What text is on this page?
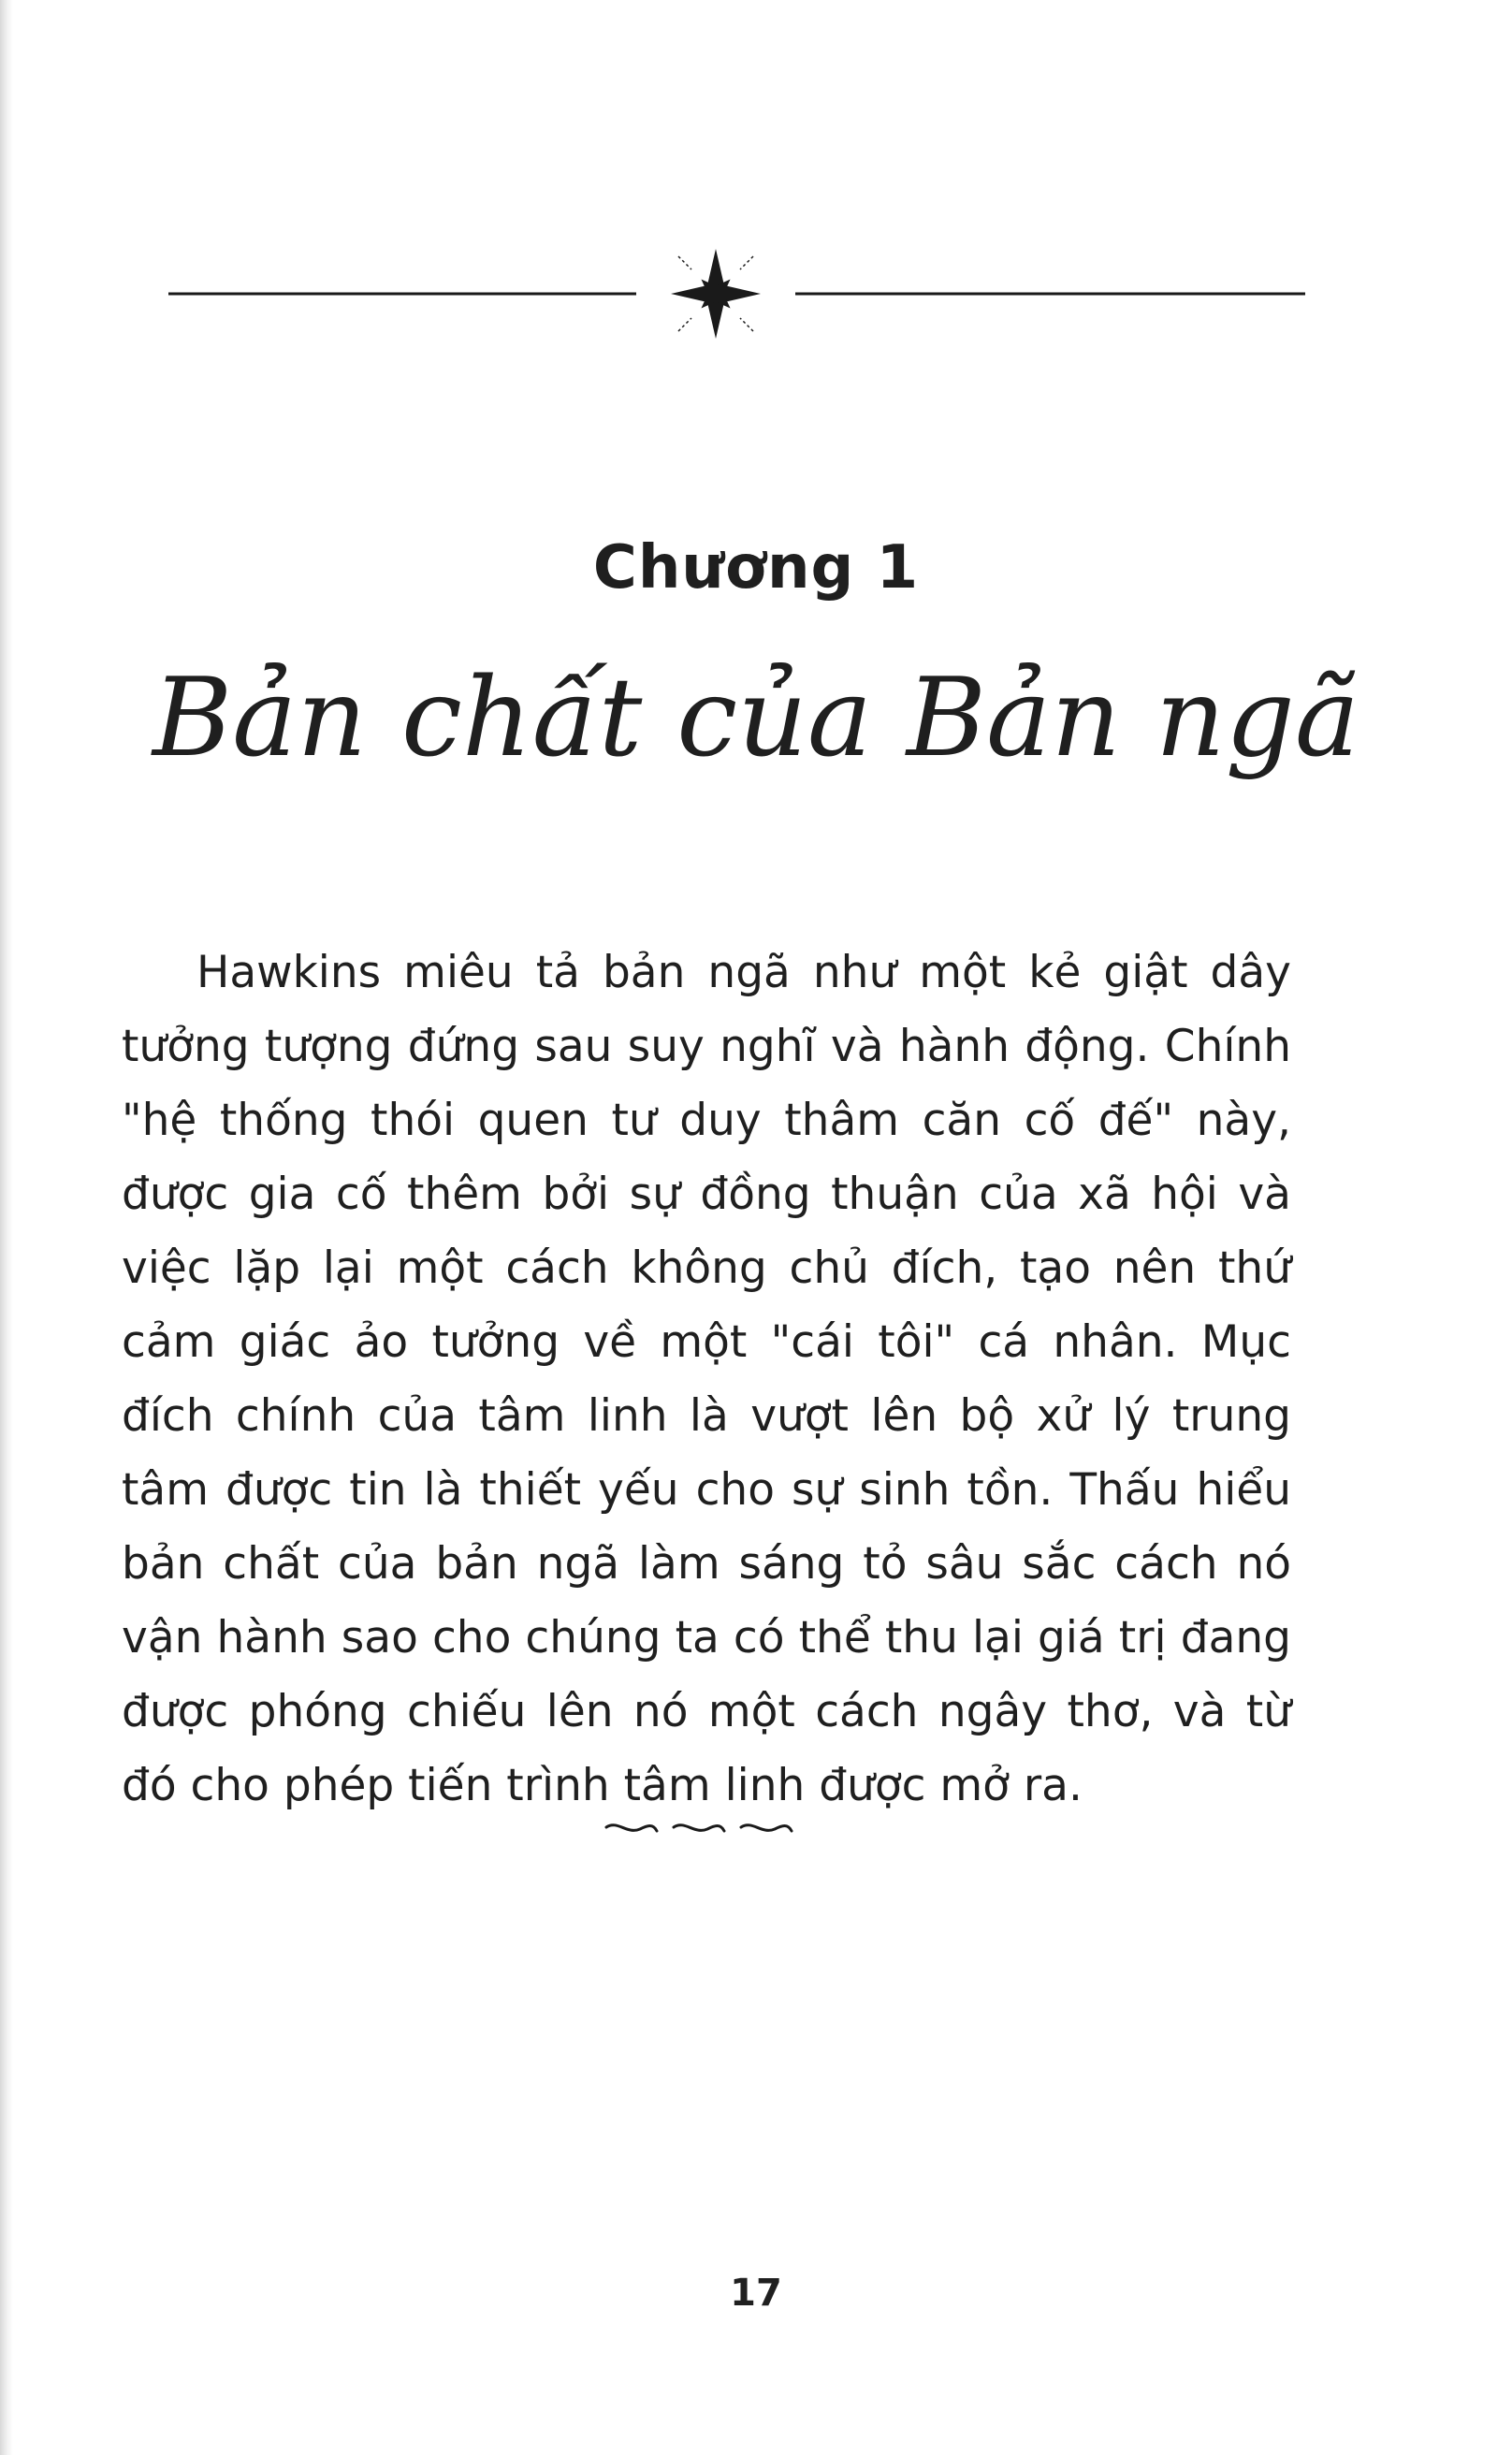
Chương 1
Bản chất của Bản ngã

Hawkins miêu tả bản ngã như một kẻ giật dây tưởng tượng đứng sau suy nghĩ và hành động. Chính "hệ thống thói quen tư duy thâm căn cố đế" này, được gia cố thêm bởi sự đồng thuận của xã hội và việc lặp lại một cách không chủ đích, tạo nên thứ cảm giác ảo tưởng về một "cái tôi" cá nhân. Mục đích chính của tâm linh là vượt lên bộ xử lý trung tâm được tin là thiết yếu cho sự sinh tồn. Thấu hiểu bản chất của bản ngã làm sáng tỏ sâu sắc cách nó vận hành sao cho chúng ta có thể thu lại giá trị đang được phóng chiếu lên nó một cách ngây thơ, và từ đó cho phép tiến trình tâm linh được mở ra.

17
